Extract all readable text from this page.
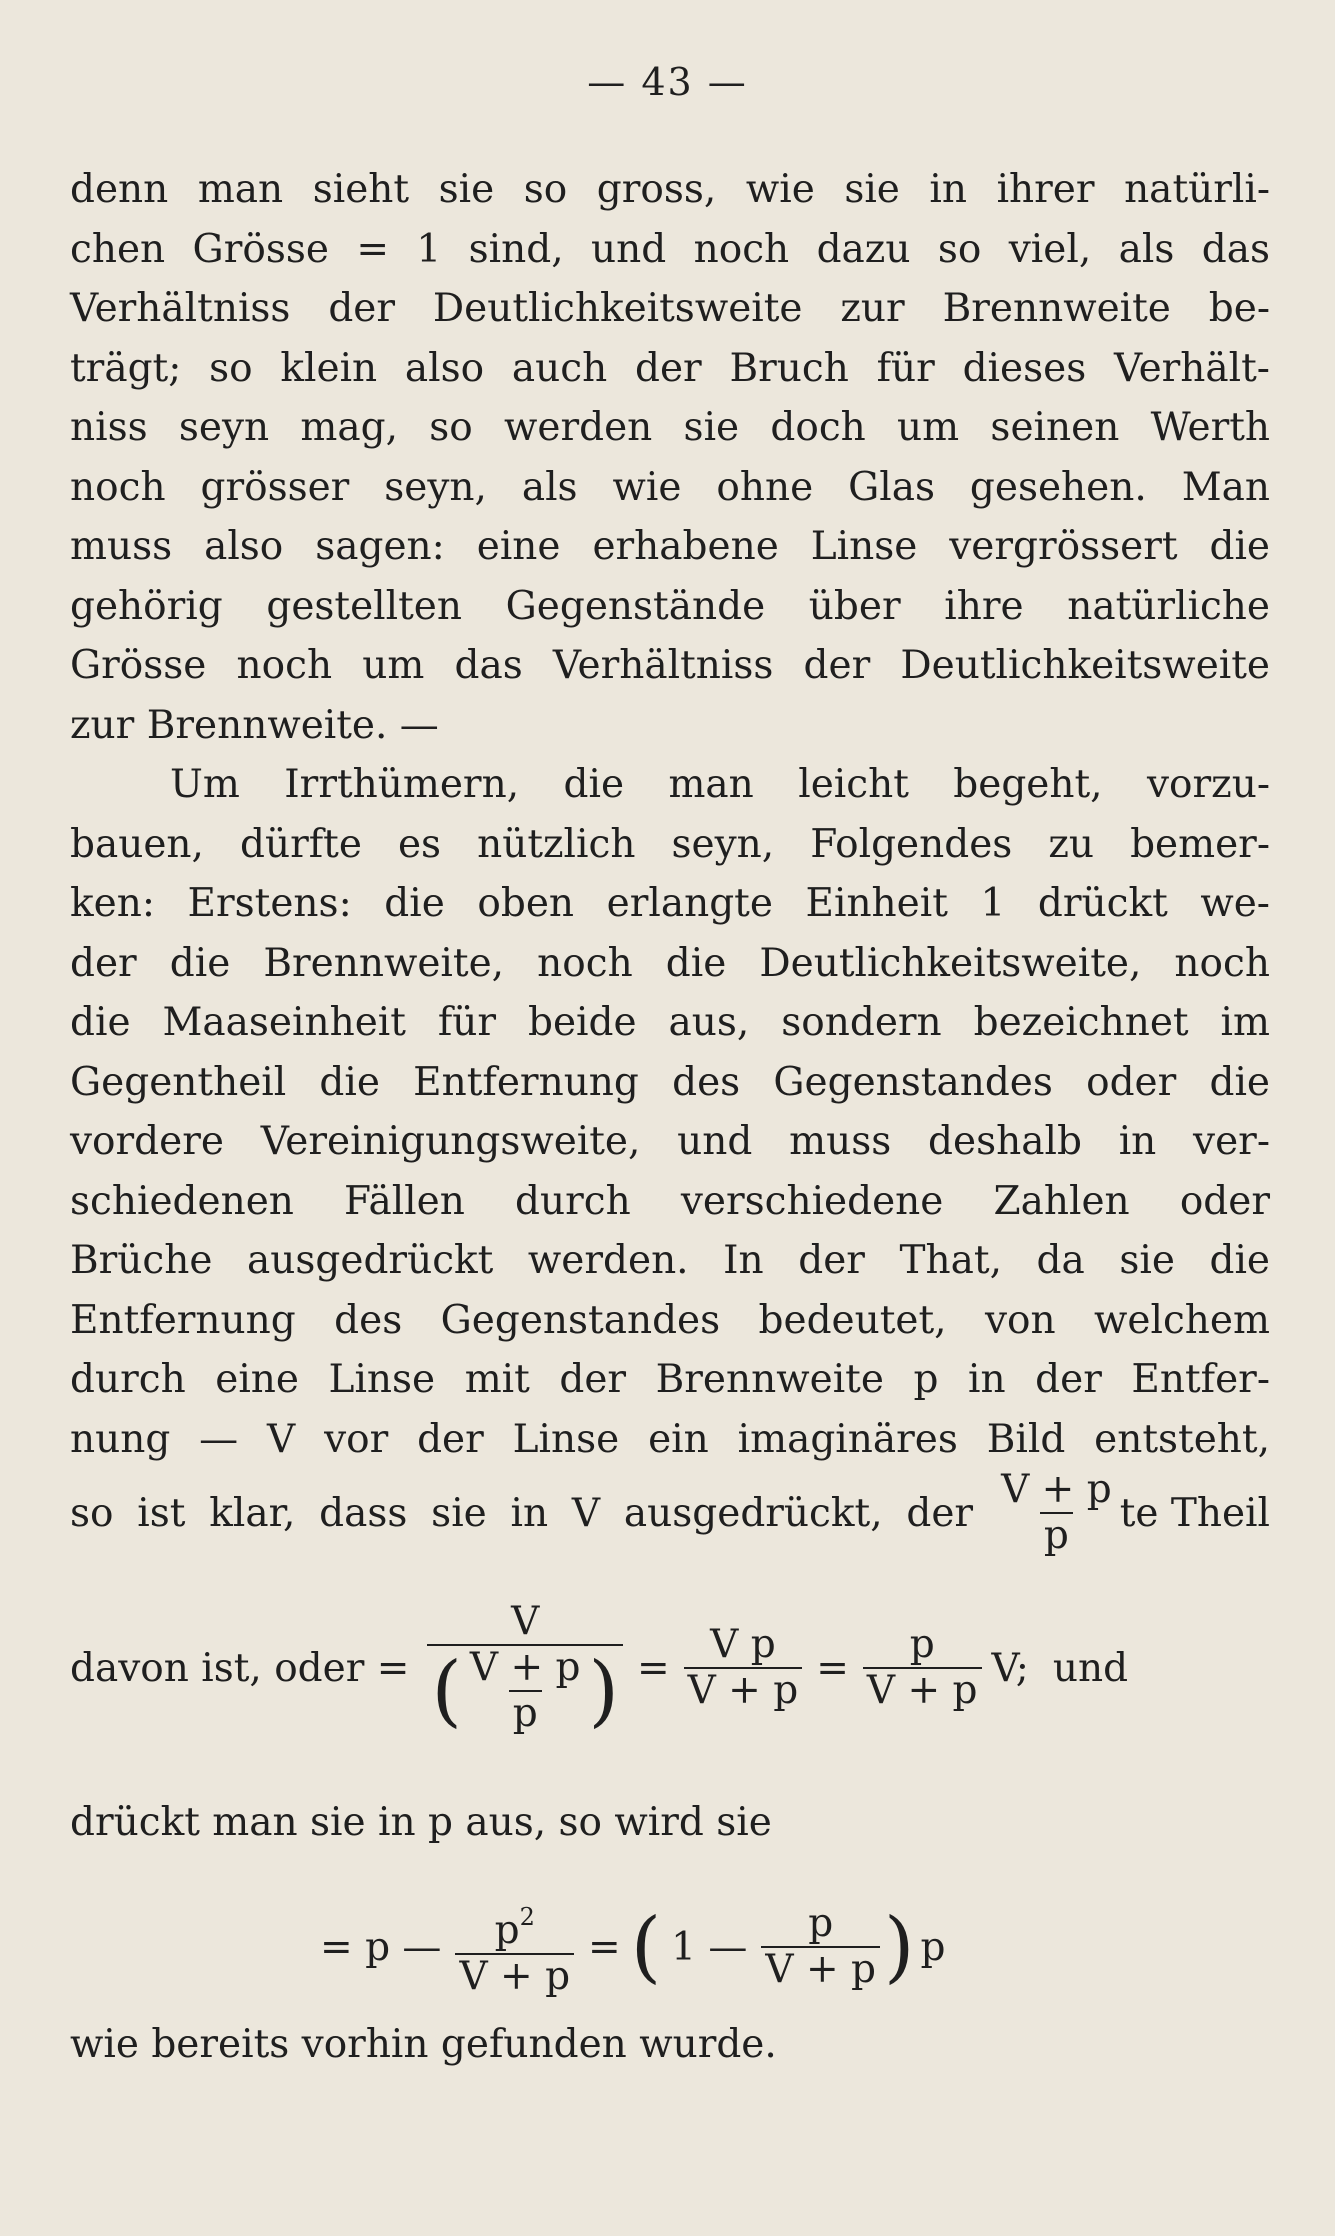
— 43 —
denn man sieht sie so gross, wie sie in ihrer natürli-
chen Grösse = 1 sind, und noch dazu so viel, als das
Verhältniss der Deutlichkeitsweite zur Brennweite be-
trägt; so klein also auch der Bruch für dieses Verhält-
niss seyn mag, so werden sie doch um seinen Werth
noch grösser seyn, als wie ohne Glas gesehen. Man
muss also sagen: eine erhabene Linse vergrössert die
gehörig gestellten Gegenstände über ihre natürliche
Grösse noch um das Verhältniss der Deutlichkeitsweite
zur Brennweite. —
Um Irrthümern, die man leicht begeht, vorzu-
bauen, dürfte es nützlich seyn, Folgendes zu bemer-
ken: Erstens: die oben erlangte Einheit 1 drückt we-
der die Brennweite, noch die Deutlichkeitsweite, noch
die Maaseinheit für beide aus, sondern bezeichnet im
Gegentheil die Entfernung des Gegenstandes oder die
vordere Vereinigungsweite, und muss deshalb in ver-
schiedenen Fällen durch verschiedene Zahlen oder
Brüche ausgedrückt werden. In der That, da sie die
Entfernung des Gegenstandes bedeutet, von welchem
durch eine Linse mit der Brennweite p in der Entfer-
nung — V vor der Linse ein imaginäres Bild entsteht,
so ist klar, dass sie in V ausgedrückt, der $\frac{V + p}{p}$ te Theil
davon ist, oder = $\frac{V}{( \frac{V + p}{p} )} = \frac{\text{V p}}{V + p} = \frac{p}{V + p} V$; und
drückt man sie in p aus, so wird sie
= p — $\frac{p^2}{V + p}$ = ( 1 — $\frac{p}{V + p}$ ) p
wie bereits vorhin gefunden wurde.
